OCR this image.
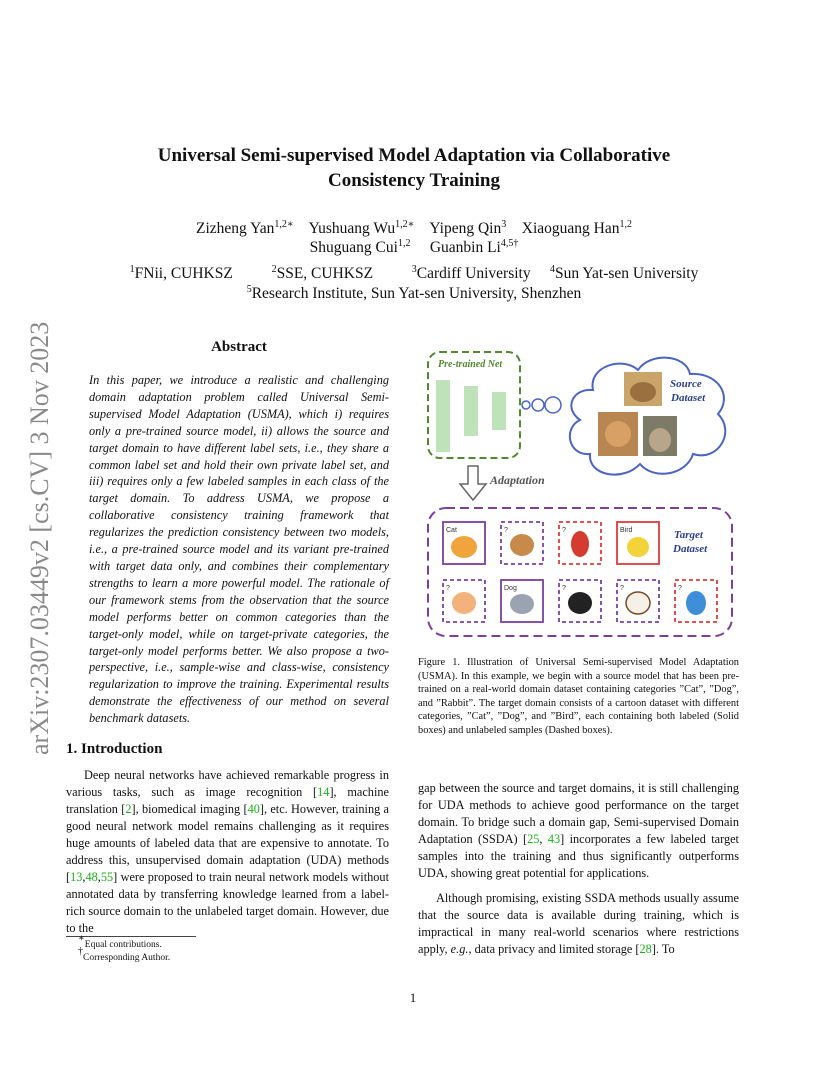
arXiv:2307.03449v2 [cs.CV] 3 Nov 2023
Universal Semi-supervised Model Adaptation via Collaborative
Consistency Training
Zizheng Yan$^{1,2∗}$ Yushuang $Wu^{1,2∗}$ Yipeng Qin$^3$ Xiaoguang Han$^{1,2}$
Shuguang Cui$^{1,2}$ Guanbin $Li^{4,5\dagger}$
$^1$FNii, CUHKSZ	$^2$SSE, CUHKSZ	$^3$Cardiff University $^4$Sun Yat-sen University
$^5$Research Institute, Sun Yat-sen University, Shenzhen
Abstract
In this paper, we introduce a realistic and challenging domain adaptation problem called Universal Semi-supervised Model Adaptation (USMA), which i) requires only a pre-trained source model, ii) allows the source and target domain to have different label sets, i.e., they share a common label set and hold their own private label set, and iii) requires only a few labeled samples in each class of the target domain. To address USMA, we propose a collaborative consistency training framework that regularizes the prediction consistency between two models, i.e., a pre-trained source model and its variant pre-trained with target data only, and combines their complementary strengths to learn a more powerful model. The rationale of our framework stems from the observation that the source model performs better on common categories than the target-only model, while on target-private categories, the target-only model performs better. We also propose a two-perspective, i.e., sample-wise and class-wise, consistency regularization to improve the training. Experimental results demonstrate the effectiveness of our method on several benchmark datasets.
1. Introduction

Deep neural networks have achieved remarkable progress in various tasks, such as image recognition [14], machine translation [2], biomedical imaging [40], etc. However, training a good neural network model remains challenging as it requires huge amounts of labeled data that are expensive to annotate. To address this, unsupervised domain adaptation (UDA) methods [13,48,55] were proposed to train neural network models without annotated data by transferring knowledge learned from a label-rich source domain to the unlabeled target domain. However, due to the

∗Equal contributions.
†Corresponding Author.

gap between the source and target domains, it is still challenging for UDA methods to achieve good performance on the target domain. To bridge such a domain gap, Semi-supervised Domain Adaptation (SSDA) [25, 43] incorporates a few labeled target samples into the training and thus significantly outperforms UDA, showing great potential for applications.

Although promising, existing SSDA methods usually assume that the source data is available during training, which is impractical in many real-world scenarios where restrictions apply, e.g., data privacy and limited storage [28]. To

Pre-trained Net
Source
Dataset
Adaptation
Target
Dataset
Cat	?	?	Bird
?	Dog	?	?	?
Figure 1. Illustration of Universal Semi-supervised Model Adaptation (USMA). In this example, we begin with a source model that has been pre-trained on a real-world domain dataset containing categories ”Cat”, ”Dog”, and ”Rabbit”. The target domain consists of a cartoon dataset with different categories, ”Cat”, ”Dog”, and ”Bird”, each containing both labeled (Solid boxes) and unlabeled samples (Dashed boxes).
1
